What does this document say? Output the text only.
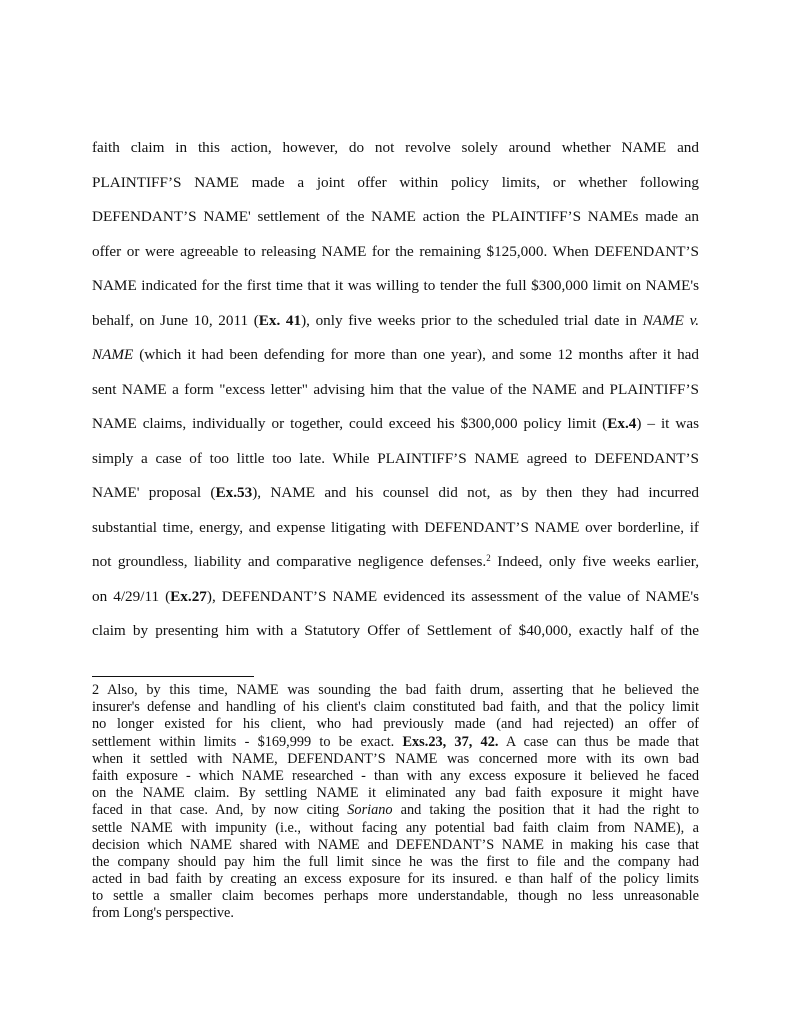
faith claim in this action, however, do not revolve solely around whether NAME and
PLAINTIFF’S NAME made a joint offer within policy limits, or whether following
DEFENDANT’S NAME' settlement of the NAME action the PLAINTIFF’S NAMEs made an
offer or were agreeable to releasing NAME for the remaining $125,000. When DEFENDANT’S
NAME indicated for the first time that it was willing to tender the full $300,000 limit on NAME's
behalf, on June 10, 2011 (Ex. 41), only five weeks prior to the scheduled trial date in NAME v.
NAME (which it had been defending for more than one year), and some 12 months after it had
sent NAME a form "excess letter" advising him that the value of the NAME and PLAINTIFF’S
NAME claims, individually or together, could exceed his $300,000 policy limit (Ex.4) – it was
simply a case of too little too late. While PLAINTIFF’S NAME agreed to DEFENDANT’S
NAME' proposal (Ex.53), NAME and his counsel did not, as by then they had incurred
substantial time, energy, and expense litigating with DEFENDANT’S NAME over borderline, if
not groundless, liability and comparative negligence defenses.$^2$ Indeed, only five weeks earlier,
on 4/29/11 (Ex.27), DEFENDANT’S NAME evidenced its assessment of the value of NAME's
claim by presenting him with a Statutory Offer of Settlement of $40,000, exactly half of the
2 Also, by this time, NAME was sounding the bad faith drum, asserting that he believed the
insurer's defense and handling of his client's claim constituted bad faith, and that the policy limit
no longer existed for his client, who had previously made (and had rejected) an offer of
settlement within limits - $169,999 to be exact. Exs.23, 37, 42. A case can thus be made that
when it settled with NAME, DEFENDANT’S NAME was concerned more with its own bad
faith exposure - which NAME researched - than with any excess exposure it believed he faced
on the NAME claim. By settling NAME it eliminated any bad faith exposure it might have
faced in that case. And, by now citing Soriano and taking the position that it had the right to
settle NAME with impunity (i.e., without facing any potential bad faith claim from NAME), a
decision which NAME shared with NAME and DEFENDANT’S NAME in making his case that
the company should pay him the full limit since he was the first to file and the company had
acted in bad faith by creating an excess exposure for its insured. e than half of the policy limits
to settle a smaller claim becomes perhaps more understandable, though no less unreasonable
from Long's perspective.
